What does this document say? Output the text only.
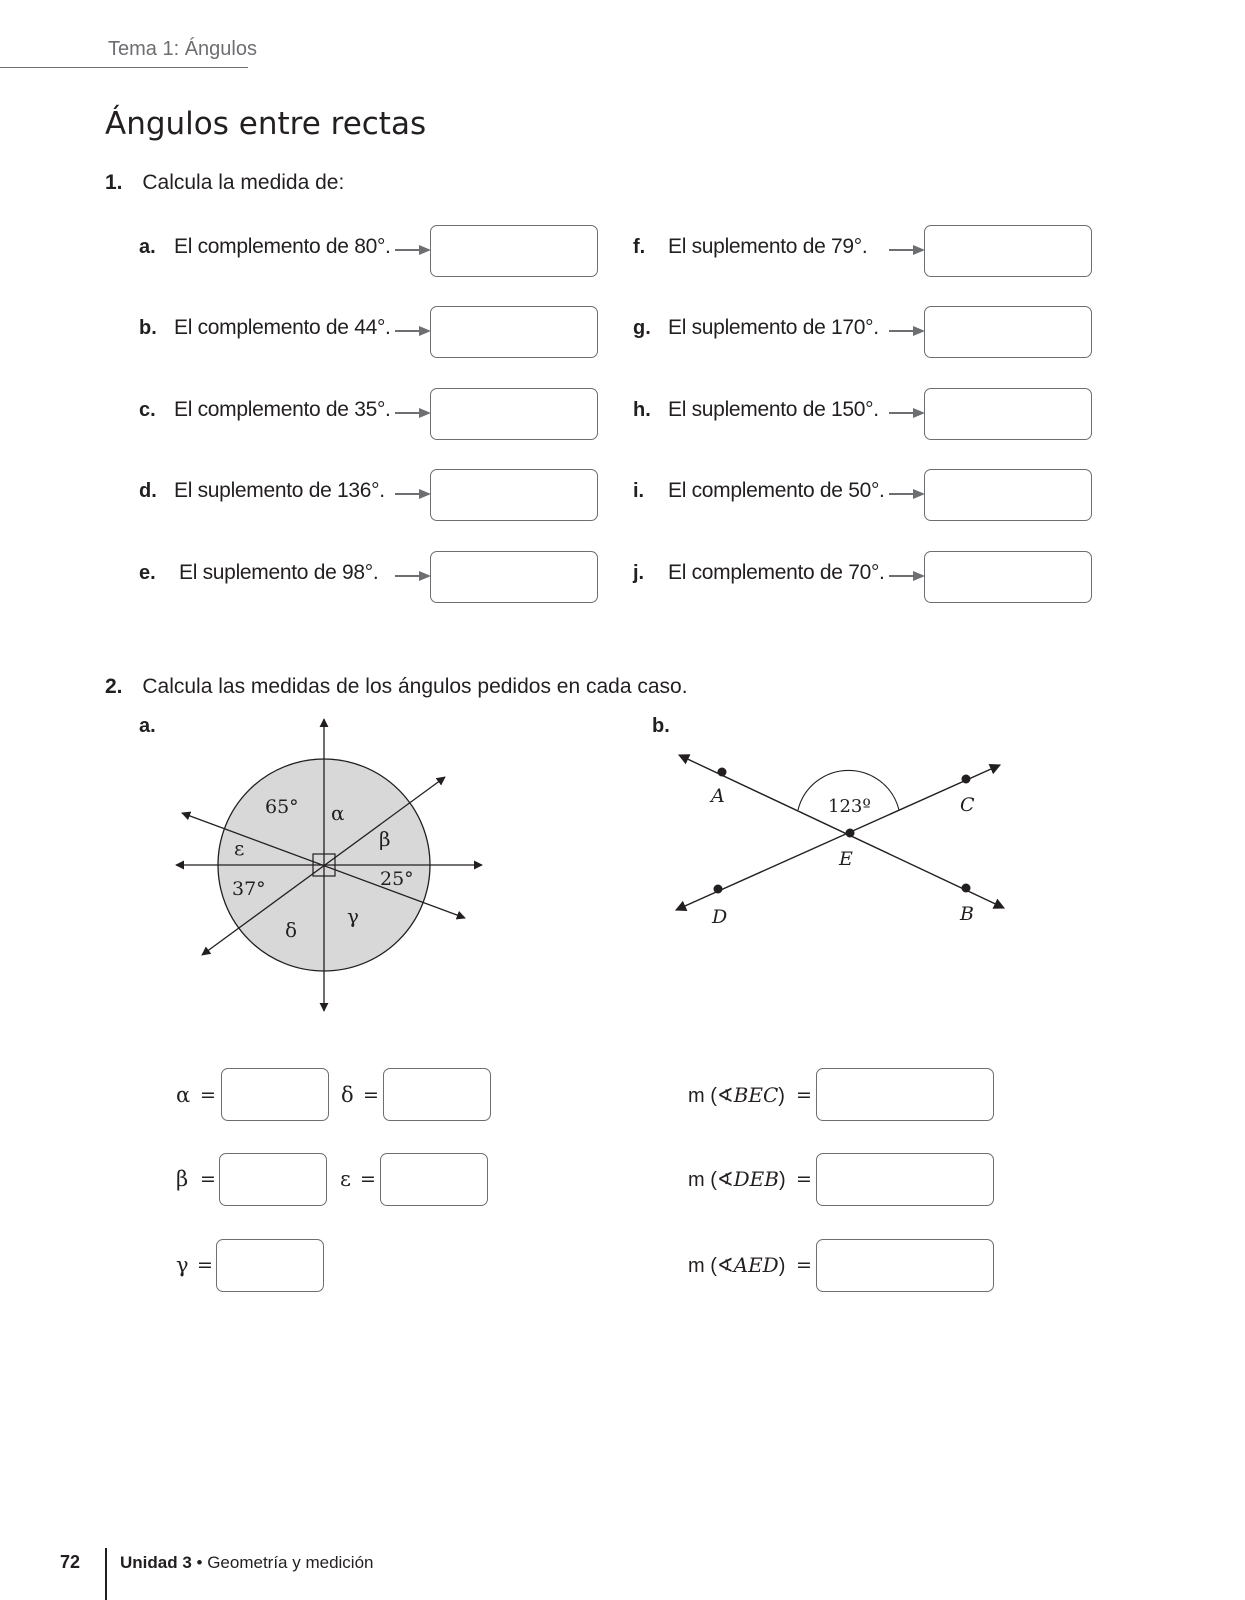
Tema 1: Ángulos
Ángulos entre rectas
1. Calcula la medida de:
a. El complemento de 80°.
b. El complemento de 44°.
c. El complemento de 35°.
d. El suplemento de 136°.
e. El suplemento de 98°.
f. El suplemento de 79°.
g. El suplemento de 170°.
h. El suplemento de 150°.
i. El complemento de 50°.
j. El complemento de 70°.
2. Calcula las medidas de los ángulos pedidos en cada caso.
a.	b.
65° α
β
ε
37°	25°
δ
γ
A	C
E
D	B
123º
α =	δ =
β =	ε =
γ =
m (∢BEC) =
m (∢DEB) =
m (∢AED) =
72 Unidad 3 • Geometría y medición
